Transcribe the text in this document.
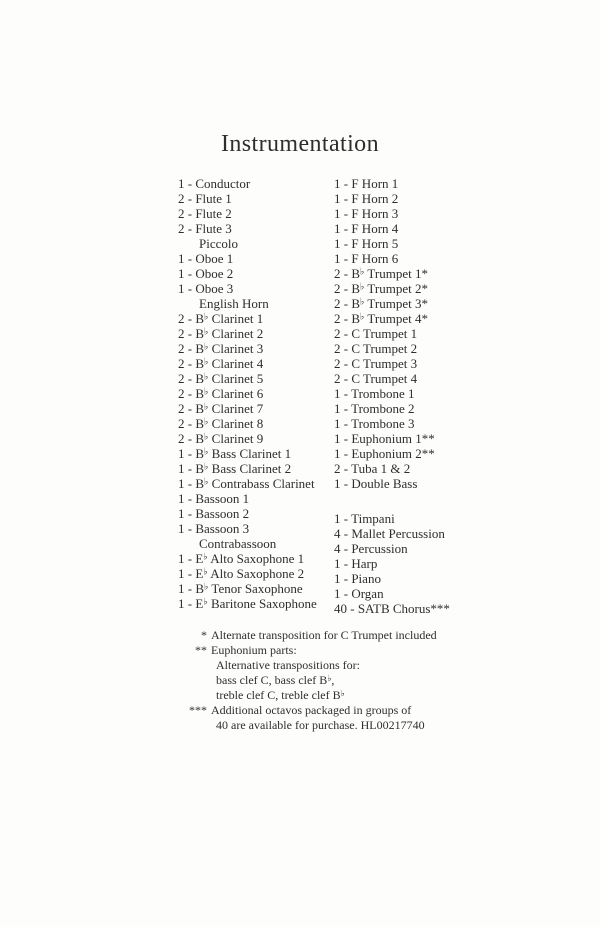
Instrumentation
1 - Conductor
2 - Flute 1
2 - Flute 2
2 - Flute 3
Piccolo
1 - Oboe 1
1 - Oboe 2
1 - Oboe 3
English Horn
2 - B♭ Clarinet 1
2 - B♭ Clarinet 2
2 - B♭ Clarinet 3
2 - B♭ Clarinet 4
2 - B♭ Clarinet 5
2 - B♭ Clarinet 6
2 - B♭ Clarinet 7
2 - B♭ Clarinet 8
2 - B♭ Clarinet 9
1 - B♭ Bass Clarinet 1
1 - B♭ Bass Clarinet 2
1 - B♭ Contrabass Clarinet
1 - Bassoon 1
1 - Bassoon 2
1 - Bassoon 3
Contrabassoon
1 - E♭ Alto Saxophone 1
1 - E♭ Alto Saxophone 2
1 - B♭ Tenor Saxophone
1 - E♭ Baritone Saxophone
1 - F Horn 1
1 - F Horn 2
1 - F Horn 3
1 - F Horn 4
1 - F Horn 5
1 - F Horn 6
2 - B♭ Trumpet 1*
2 - B♭ Trumpet 2*
2 - B♭ Trumpet 3*
2 - B♭ Trumpet 4*
2 - C Trumpet 1
2 - C Trumpet 2
2 - C Trumpet 3
2 - C Trumpet 4
1 - Trombone 1
1 - Trombone 2
1 - Trombone 3
1 - Euphonium 1**
1 - Euphonium 2**
2 - Tuba 1 & 2
1 - Double Bass
1 - Timpani
4 - Mallet Percussion
4 - Percussion
1 - Harp
1 - Piano
1 - Organ
40 - SATB Chorus***
* Alternate transposition for C Trumpet included
** Euphonium parts:
Alternative transpositions for:
bass clef C, bass clef B♭,
treble clef C, treble clef B♭
*** Additional octavos packaged in groups of
40 are available for purchase. HL00217740
